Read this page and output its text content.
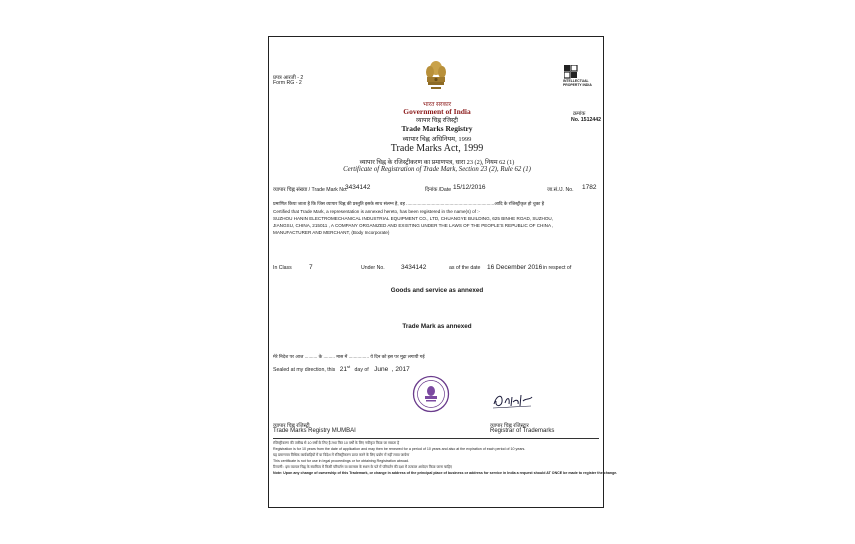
प्रपत्र आरजी - 2
Form RG - 2	INTELLECTUAL PROPERTY INDIA
क्रमांक
No. 1512442
भारत सरकार
Government of India
व्यापार चिह्न रजिस्ट्री
Trade Marks Registry
व्यापार चिह्न अधिनियम, 1999
Trade Marks Act, 1999
व्यापार चिह्न के रजिस्ट्रीकरण का प्रमाणपत्र, धारा 23 (2), नियम 62 (1)
Certificate of Registration of Trade Mark, Section 23 (2), Rule 62 (1)
व्यापार चिह्न संख्या / Trade Mark No.
3434142	दिनांक /Date 15/12/2016	जा.सं./J. No. 1782
प्रमाणित किया जाता है कि जिस व्यापार चिह्न की प्रस्तुति इसके साथ संलग्न है, वह .....................................................................आदि के रजिस्ट्रीकृत हो चुका है
Certified that Trade Mark, a representation is annexed hereto, has been registered in the name(s) of :-
SUZHOU HANIN ELECTROMECHANICAL INDUSTRIAL EQUIPMENT CO., LTD, CHUANGYE BUILDING, 625 BINHE ROAD, SUZHOU,
JIANGSU, CHINA, 215011 , A COMPANY ORGANIZED AND EXISTING UNDER THE LAWS OF THE PEOPLE'S REPUBLIC OF CHINA ,
MANUFACTURER AND MERCHANT, (Body Incorporate)
In Class	7	Under No.	3434142	as of the date 16 December 2016 in respect of
Goods and service as annexed
Trade Mark as annexed
मेरे निदेश पर आज .......... के ......... मास में ................ ये दिन को इस पर मुद्रा लगायी गई
Sealed at my direction, this 21st day of June , 2017
व्यापार चिह्न रजिस्ट्री
Trade Marks Registry MUMBAI
व्यापार चिह्न रजिस्ट्रार
Registrar of Trademarks
रजिस्ट्रीकरण की तारीख से 10 वर्षों के लिए है तथा फिर 10 वर्षों के लिए नवीकृत किया जा सकता है
Registration is for 10 years from the date of application and may then be renewed for a period of 10 years and also at the expiration of each period of 10 years.
यह प्रमाणपत्र विधिक कार्यवाहियों में या विदेश में रजिस्ट्रीकरण प्राप्त करने के लिए प्रयोग में नहीं लाया जायेगा
This certificate is not for use in legal proceedings or for obtaining Registration abroad.
टिप्पणी : इस व्यापार चिह्न के स्वामित्व में किसी परिवर्तन या कारबार के स्थान के पते में परिवर्तन की दशा में तत्काल आवेदन किया जाना चाहिए
Note: Upon any change of ownership of this Trademark, or change in address of the principal place of business or address for service in India a request should AT ONCE be made to register the change.
